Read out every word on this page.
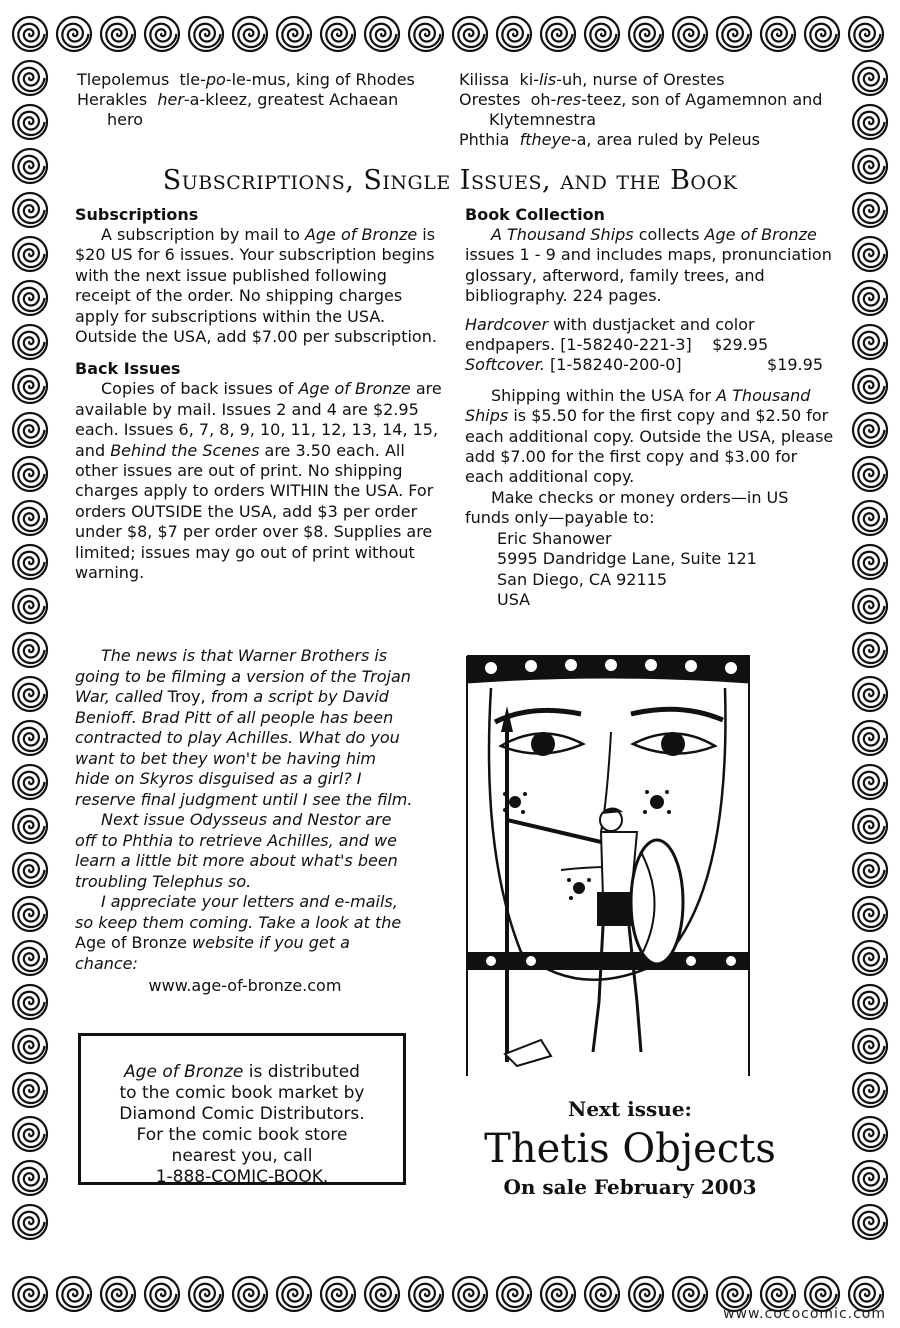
Tlepolemus tle-po-le-mus, king of Rhodes

Herakles her-a-kleez, greatest Achaean hero

Kilissa ki-lis-uh, nurse of Orestes

Orestes oh-res-teez, son of Agamemnon and Klytemnestra

Phthia ftheye-a, area ruled by Peleus

Subscriptions, Single Issues, and the Book
Subscriptions

A subscription by mail to Age of Bronze is $20 US for 6 issues. Your subscription begins with the next issue published following receipt of the order. No shipping charges apply for subscriptions within the USA. Outside the USA, add $7.00 per subscription.

Back Issues

Copies of back issues of Age of Bronze are available by mail. Issues 2 and 4 are $2.95 each. Issues 6, 7, 8, 9, 10, 11, 12, 13, 14, 15, and Behind the Scenes are 3.50 each. All other issues are out of print. No shipping charges apply to orders WITHIN the USA. For orders OUTSIDE the USA, add $3 per order under $8, $7 per order over $8. Supplies are limited; issues may go out of print without warning.

Book Collection

A Thousand Ships collects Age of Bronze issues 1 - 9 and includes maps, pronunciation glossary, afterword, family trees, and bibliography. 224 pages.

Hardcover with dustjacket and color endpapers. [1-58240-221-3] $29.95

Softcover. [1-58240-200-0]	$19.95

Shipping within the USA for A Thousand Ships is $5.50 for the first copy and $2.50 for each additional copy. Outside the USA, please add $7.00 for the first copy and $3.00 for each additional copy.

Make checks or money orders—in US funds only—payable to:

Eric Shanower
5995 Dandridge Lane, Suite 121
San Diego, CA 92115
USA

The news is that Warner Brothers is going to be filming a version of the Trojan War, called Troy, from a script by David Benioff. Brad Pitt of all people has been contracted to play Achilles. What do you want to bet they won't be having him hide on Skyros disguised as a girl? I reserve final judgment until I see the film.

Next issue Odysseus and Nestor are off to Phthia to retrieve Achilles, and we learn a little bit more about what's been troubling Telephus so.

I appreciate your letters and e-mails, so keep them coming. Take a look at the Age of Bronze website if you get a chance:

www.age-of-bronze.com

Age of Bronze is distributed

to the comic book market by

Diamond Comic Distributors.

For the comic book store

nearest you, call

1-888-COMIC-BOOK.

Next issue:
Thetis Objects
On sale February 2003
www.cococomic.com
